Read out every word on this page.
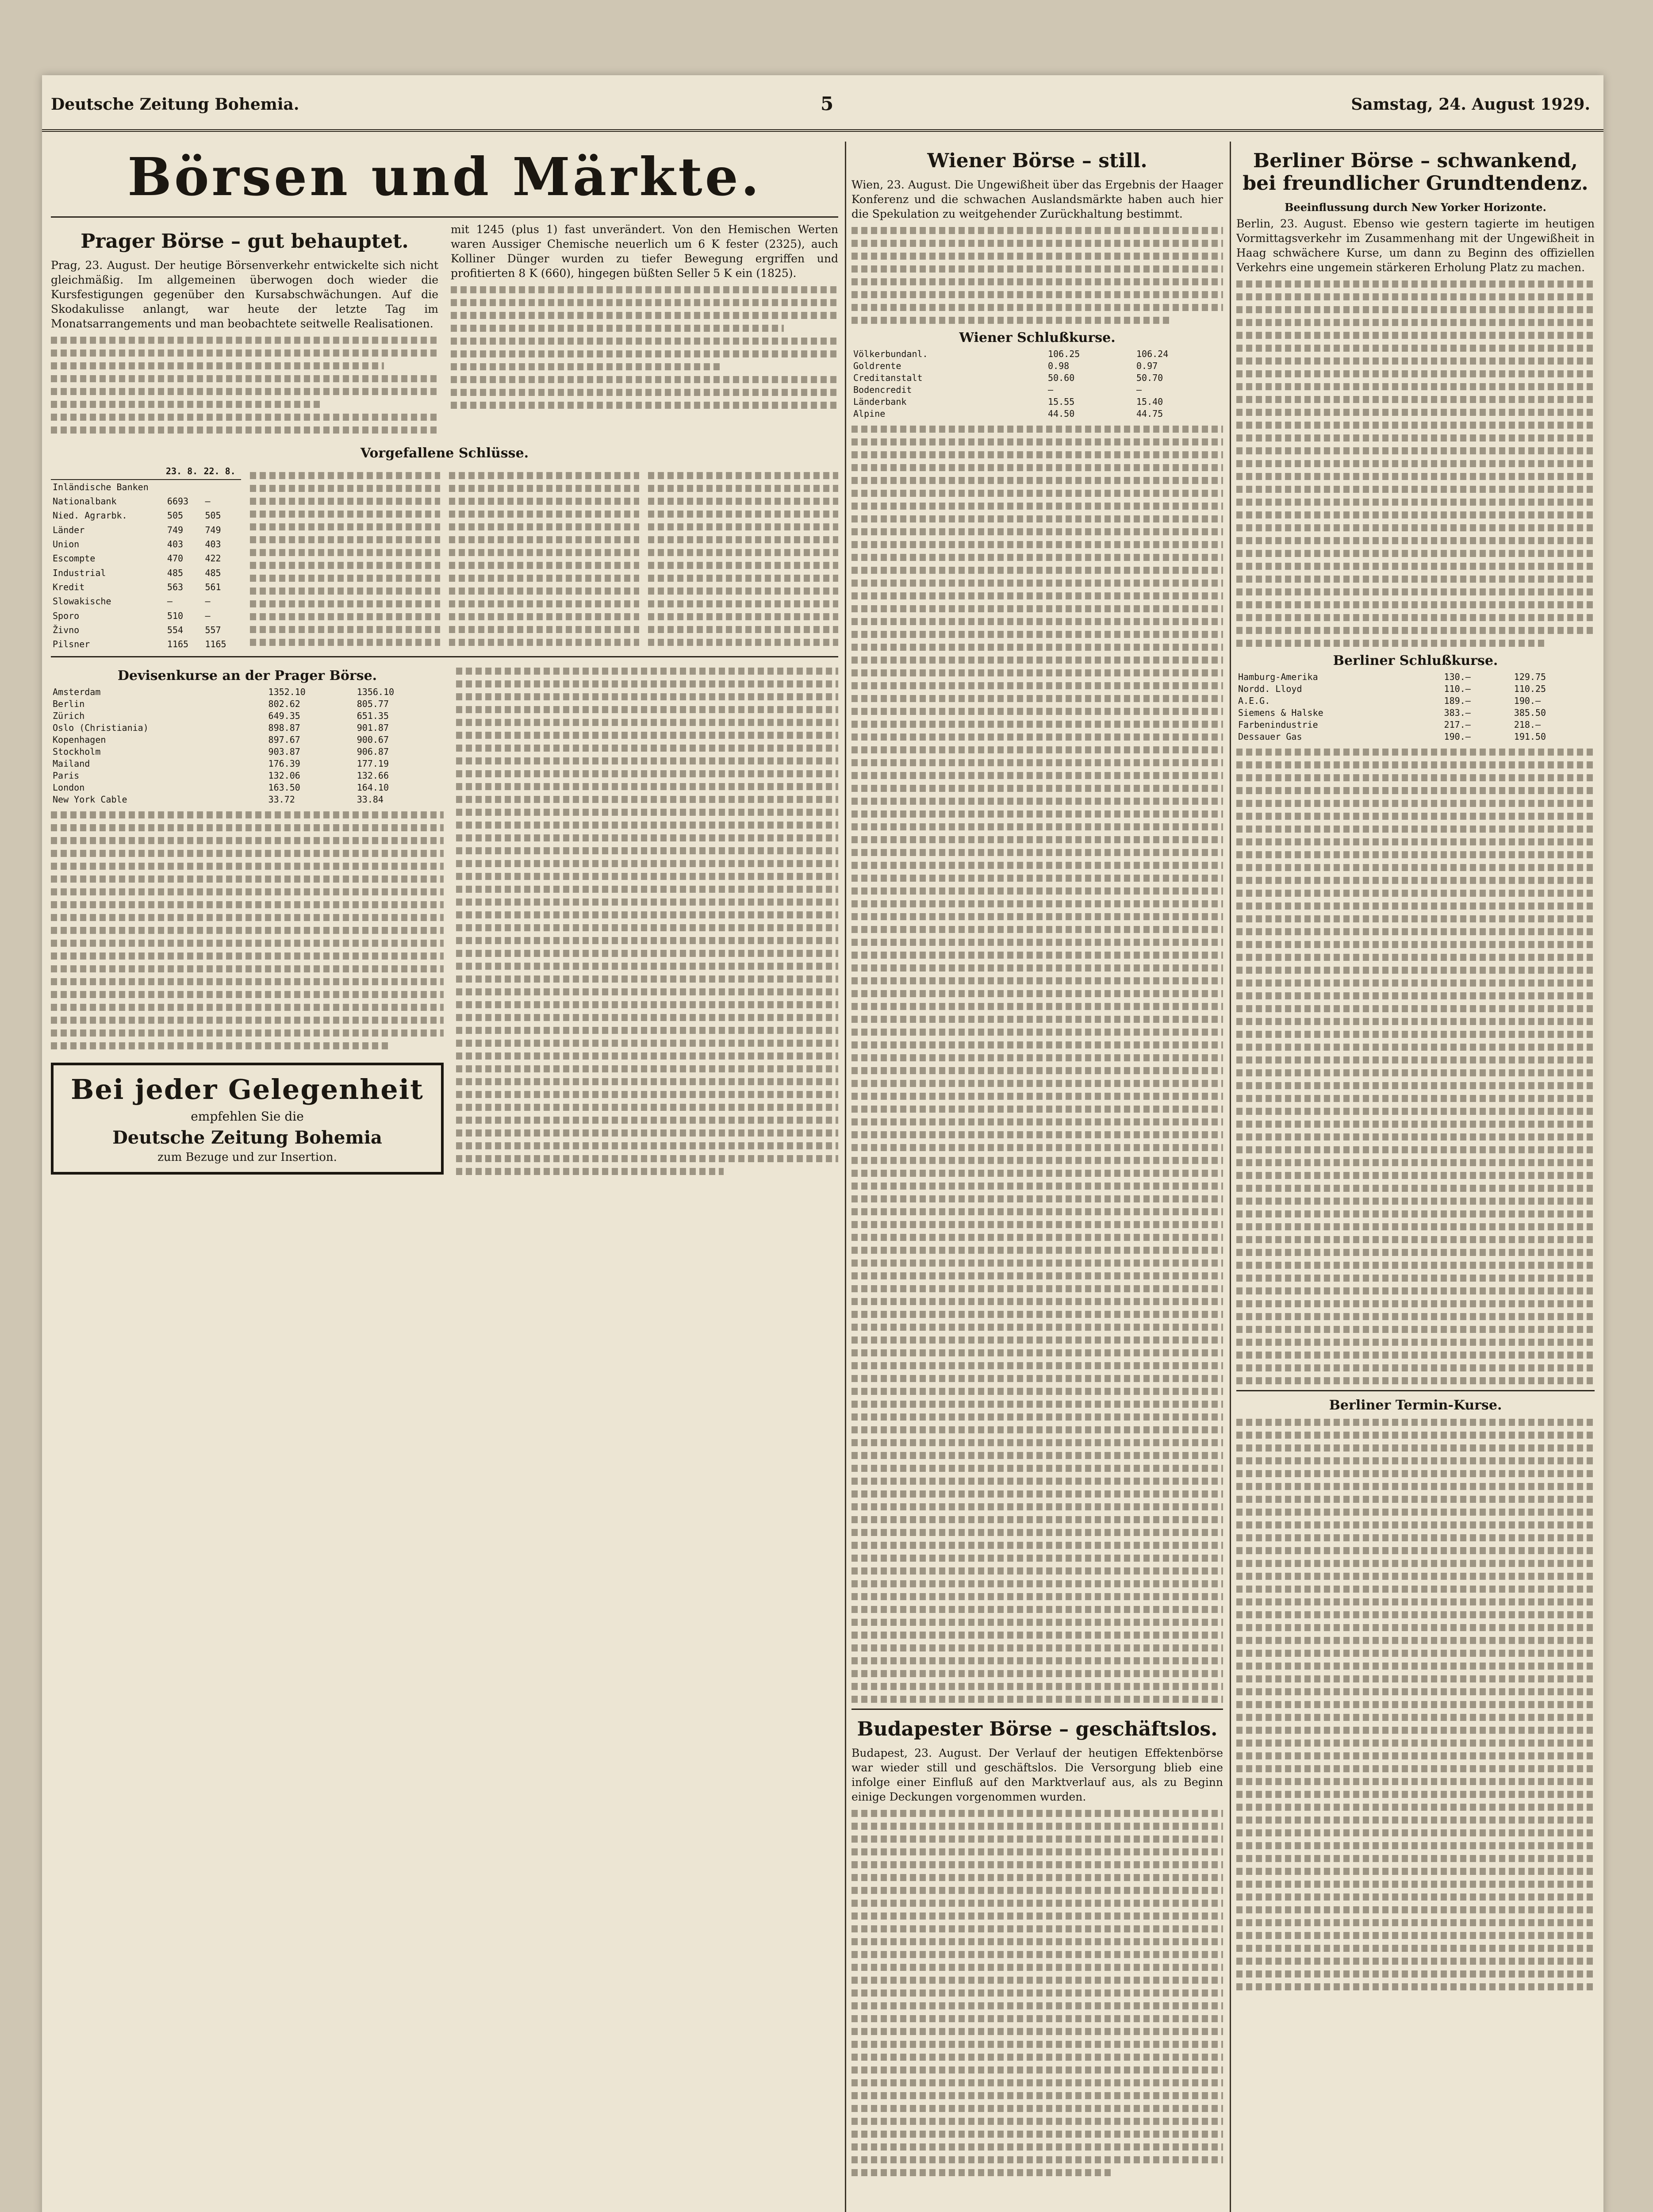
Deutsche Zeitung Bohemia.	5	Samstag, 24. August 1929.
Börsen und Märkte.
Prager Börse – gut behauptet.

Prag, 23. August. Der heutige Börsenverkehr entwickelte sich nicht gleichmäßig. Im allgemeinen überwogen doch wieder die Kursfestigungen gegenüber den Kursabschwächungen. Auf die Skodakulisse anlangt, war heute der letzte Tag im Monatsarrangements und man beobachtete seitwelle Realisationen.

mit 1245 (plus 1) fast unverändert. Von den Hemischen Werten waren Aussiger Chemische neuerlich um 6 K fester (2325), auch Kolliner Dünger wurden zu tiefer Bewegung ergriffen und profitierten 8 K (660), hingegen büßten Seller 5 K ein (1825).

Vorgefallene Schlüsse.
	23. 8.	22. 8.
Inländische Banken		
Nationalbank	6693	—
Nied. Agrarbk.	505	505
Länder	749	749
Union	403	403
Escompte	470	422
Industrial	485	485
Kredit	563	561
Slowakische	—	—
Sporo	510	—
Živno	554	557
Pilsner	1165	1165
Devisenkurse an der Prager Börse.
Amsterdam	1352.10	1356.10
Berlin	802.62	805.77
Zürich	649.35	651.35
Oslo (Christiania)	898.87	901.87
Kopenhagen	897.67	900.67
Stockholm	903.87	906.87
Mailand	176.39	177.19
Paris	132.06	132.66
London	163.50	164.10
New York Cable	33.72	33.84
Bei jeder Gelegenheit
empfehlen Sie die
Deutsche Zeitung Bohemia
zum Bezuge und zur Insertion.
Wiener Börse – still.

Wien, 23. August. Die Ungewißheit über das Ergebnis der Haager Konferenz und die schwachen Auslandsmärkte haben auch hier die Spekulation zu weitgehender Zurückhaltung bestimmt.

Wiener Schlußkurse.
Völkerbundanl.	106.25	106.24
Goldrente	0.98	0.97
Creditanstalt	50.60	50.70
Bodencredit	—	—
Länderbank	15.55	15.40
Alpine	44.50	44.75
Budapester Börse – geschäftslos.

Budapest, 23. August. Der Verlauf der heutigen Effektenbörse war wieder still und geschäftslos. Die Versorgung blieb eine infolge einer Einfluß auf den Marktverlauf aus, als zu Beginn einige Deckungen vorgenommen wurden.

Berliner Börse – schwankend, bei freundlicher Grundtendenz.
Beeinflussung durch New Yorker Horizonte.

Berlin, 23. August. Ebenso wie gestern tagierte im heutigen Vormittagsverkehr im Zusammenhang mit der Ungewißheit in Haag schwächere Kurse, um dann zu Beginn des offiziellen Verkehrs eine ungemein stärkeren Erholung Platz zu machen.

Berliner Schlußkurse.
Hamburg-Amerika	130.—	129.75
Nordd. Lloyd	110.—	110.25
A.E.G.	189.—	190.—
Siemens & Halske	383.—	385.50
Farbenindustrie	217.—	218.—
Dessauer Gas	190.—	191.50
Berliner Termin-Kurse.
